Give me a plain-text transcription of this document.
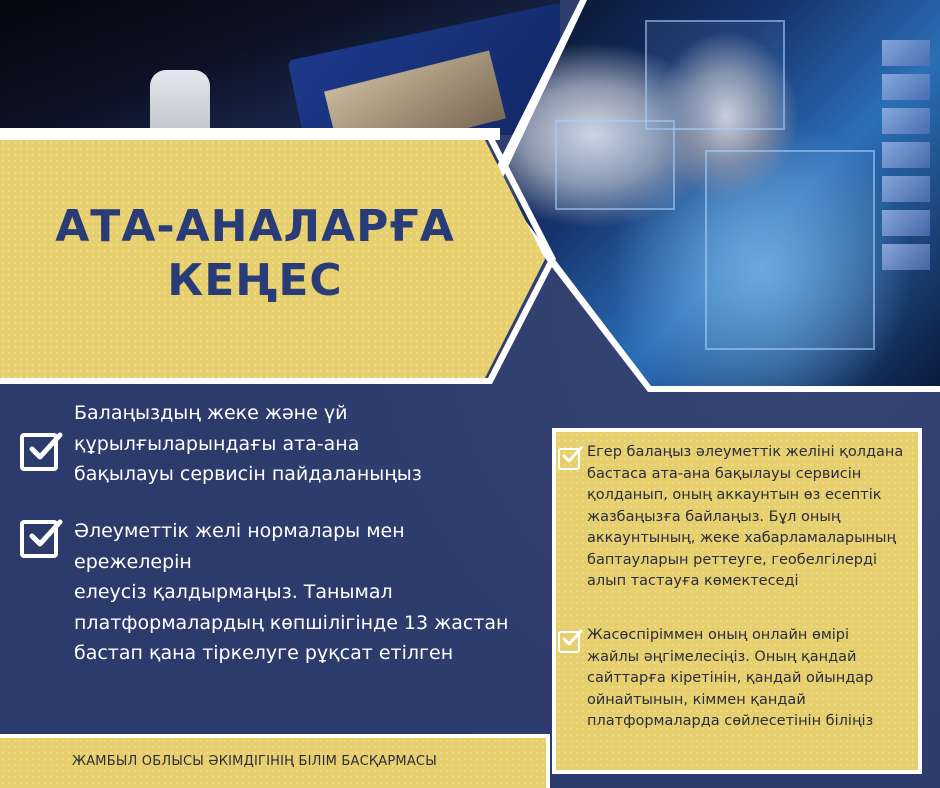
АТА-АНАЛАРҒА
КЕҢЕС
Балаңыздың жеке және үй
құрылғыларындағы ата-ана
бақылауы сервисін пайдаланыңыз
Әлеуметтік желі нормалары мен
ережелерін
елеусіз қалдырмаңыз. Танымал
платформалардың көпшілігінде 13 жастан
бастап қана тіркелуге рұқсат етілген
Егер балаңыз әлеуметтік желіні қолдана
бастаса ата-ана бақылауы сервисін
қолданып, оның аккаунтын өз есептік
жазбаңызға байлаңыз. Бұл оның
аккаунтының, жеке хабарламаларының
баптауларын реттеуге, геобелгілерді
алып тастауға көмектеседі
Жасөспіріммен оның онлайн өмірі
жайлы әңгімелесіңіз. Оның қандай
сайттарға кіретінін, қандай ойындар
ойнайтынын, кіммен қандай
платформаларда сөйлесетінін біліңіз
ЖАМБЫЛ ОБЛЫСЫ ӘКІМДІГІНІҢ БІЛІМ БАСҚАРМАСЫ
